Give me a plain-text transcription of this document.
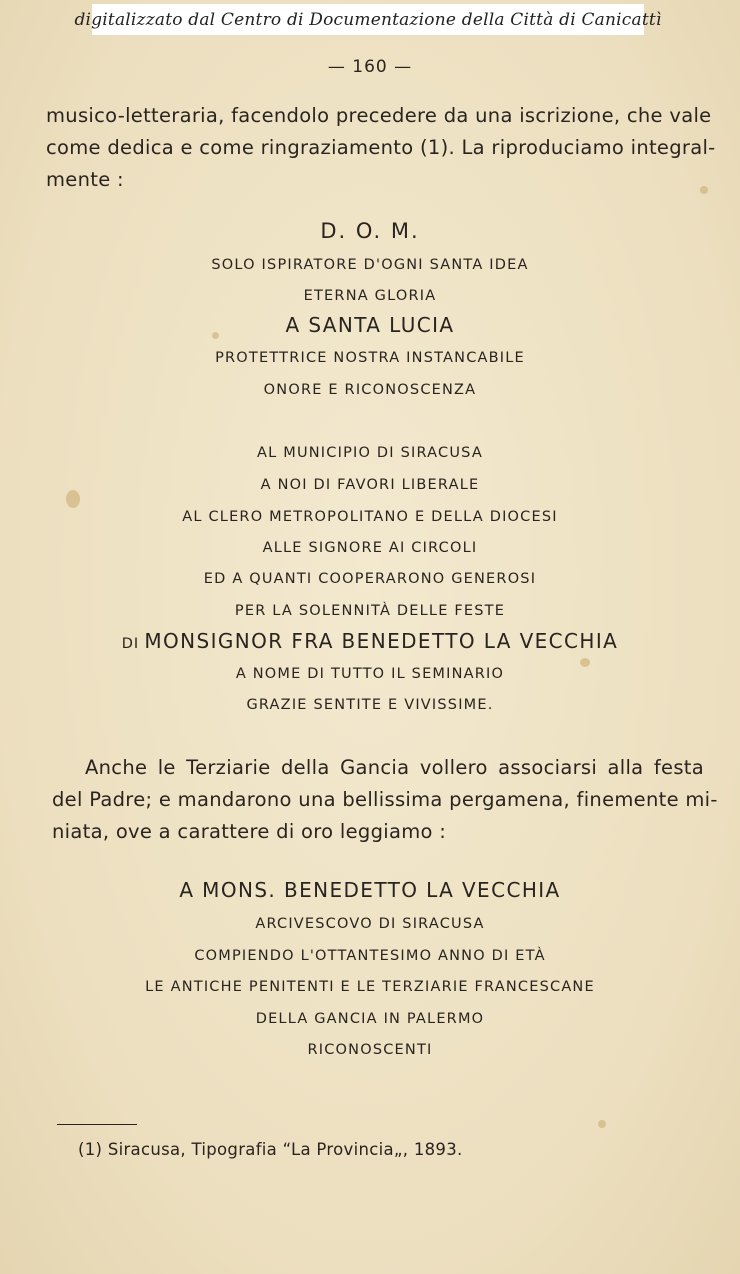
digitalizzato dal Centro di Documentazione della Città di Canicattì
— 160 —
musico-letteraria, facendolo precedere da una iscrizione, che vale
come dedica e come ringraziamento (1). La riproduciamo integral-
mente :
D. O. M.
SOLO ISPIRATORE D'OGNI SANTA IDEA
ETERNA GLORIA
A SANTA LUCIA
PROTETTRICE NOSTRA INSTANCABILE
ONORE E RICONOSCENZA
AL MUNICIPIO DI SIRACUSA
A NOI DI FAVORI LIBERALE
AL CLERO METROPOLITANO E DELLA DIOCESI
ALLE SIGNORE AI CIRCOLI
ED A QUANTI COOPERARONO GENEROSI
PER LA SOLENNITÀ DELLE FESTE
DI MONSIGNOR FRA BENEDETTO LA VECCHIA
A NOME DI TUTTO IL SEMINARIO
GRAZIE SENTITE E VIVISSIME.
Anche le Terziarie della Gancia vollero associarsi alla festa
del Padre; e mandarono una bellissima pergamena, finemente mi-
niata, ove a carattere di oro leggiamo :
A MONS. BENEDETTO LA VECCHIA
ARCIVESCOVO DI SIRACUSA
COMPIENDO L'OTTANTESIMO ANNO DI ETÀ
LE ANTICHE PENITENTI E LE TERZIARIE FRANCESCANE
DELLA GANCIA IN PALERMO
RICONOSCENTI
(1) Siracusa, Tipografia “La Provincia„, 1893.
